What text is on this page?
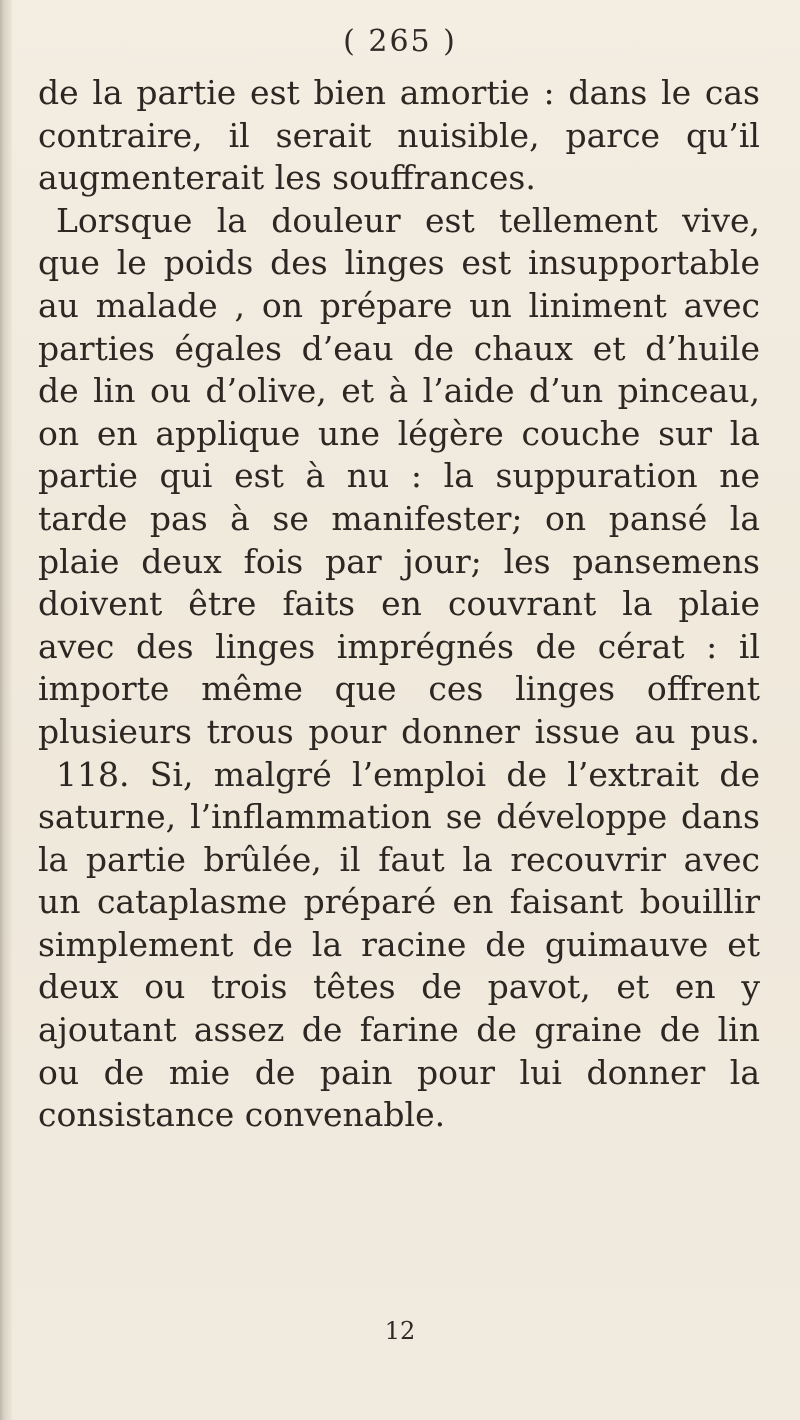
( 265 )
de la partie est bien amortie : dans le cas
contraire, il serait nuisible, parce qu’il
augmenterait les souffrances.
Lorsque la douleur est tellement vive,
que le poids des linges est insupportable
au malade , on prépare un liniment avec
parties égales d’eau de chaux et d’huile
de lin ou d’olive, et à l’aide d’un pinceau,
on en applique une légère couche sur la
partie qui est à nu : la suppuration ne
tarde pas à se manifester; on pansé la
plaie deux fois par jour; les pansemens
doivent être faits en couvrant la plaie
avec des linges imprégnés de cérat : il
importe même que ces linges offrent
plusieurs trous pour donner issue au pus.
118. Si, malgré l’emploi de l’extrait de
saturne, l’inflammation se développe dans
la partie brûlée, il faut la recouvrir avec
un cataplasme préparé en faisant bouillir
simplement de la racine de guimauve et
deux ou trois têtes de pavot, et en y
ajoutant assez de farine de graine de lin
ou de mie de pain pour lui donner la
consistance convenable.
12
